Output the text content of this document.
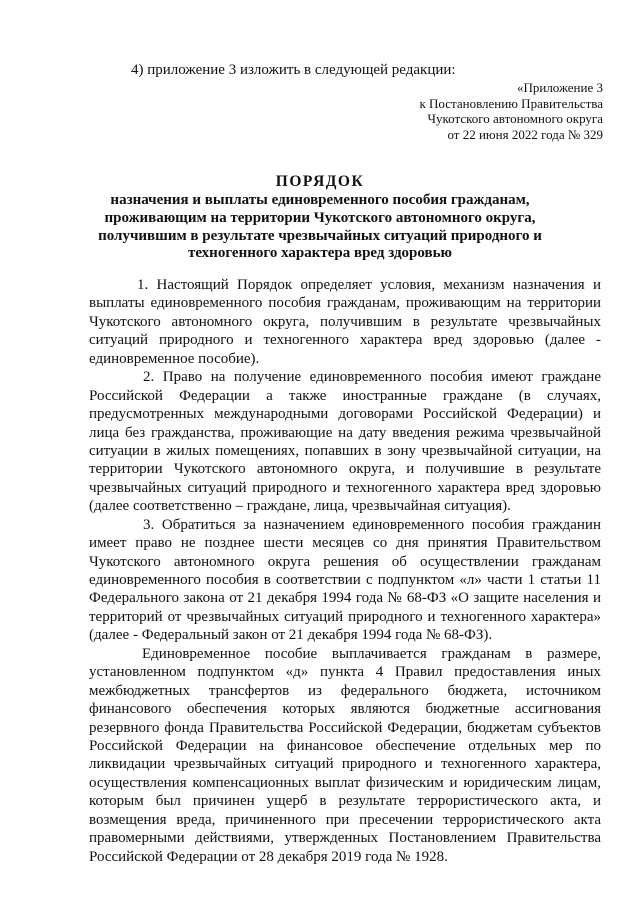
4) приложение 3 изложить в следующей редакции:
«Приложение 3
к Постановлению Правительства
Чукотского автономного округа
от 22 июня 2022 года № 329
ПОРЯДОК
назначения и выплаты единовременного пособия гражданам,
проживающим на территории Чукотского автономного округа,
получившим в результате чрезвычайных ситуаций природного и
техногенного характера вред здоровью
1. Настоящий Порядок определяет условия, механизм назначения и
выплаты единовременного пособия гражданам, проживающим на территории
Чукотского автономного округа, получившим в результате чрезвычайных
ситуаций природного и техногенного характера вред здоровью (далее -
единовременное пособие).
2. Право на получение единовременного пособия имеют граждане
Российской Федерации а также иностранные граждане (в случаях,
предусмотренных международными договорами Российской Федерации) и
лица без гражданства, проживающие на дату введения режима чрезвычайной
ситуации в жилых помещениях, попавших в зону чрезвычайной ситуации, на
территории Чукотского автономного округа, и получившие в результате
чрезвычайных ситуаций природного и техногенного характера вред здоровью
(далее соответственно – граждане, лица, чрезвычайная ситуация).
3. Обратиться за назначением единовременного пособия гражданин
имеет право не позднее шести месяцев со дня принятия Правительством
Чукотского автономного округа решения об осуществлении гражданам
единовременного пособия в соответствии с подпунктом «л» части 1 статьи 11
Федерального закона от 21 декабря 1994 года № 68-ФЗ «О защите населения и
территорий от чрезвычайных ситуаций природного и техногенного характера»
(далее - Федеральный закон от 21 декабря 1994 года № 68-ФЗ).
Единовременное пособие выплачивается гражданам в размере,
установленном подпунктом «д» пункта 4 Правил предоставления иных
межбюджетных трансфертов из федерального бюджета, источником
финансового обеспечения которых являются бюджетные ассигнования
резервного фонда Правительства Российской Федерации, бюджетам субъектов
Российской Федерации на финансовое обеспечение отдельных мер по
ликвидации чрезвычайных ситуаций природного и техногенного характера,
осуществления компенсационных выплат физическим и юридическим лицам,
которым был причинен ущерб в результате террористического акта, и
возмещения вреда, причиненного при пресечении террористического акта
правомерными действиями, утвержденных Постановлением Правительства
Российской Федерации от 28 декабря 2019 года № 1928.
